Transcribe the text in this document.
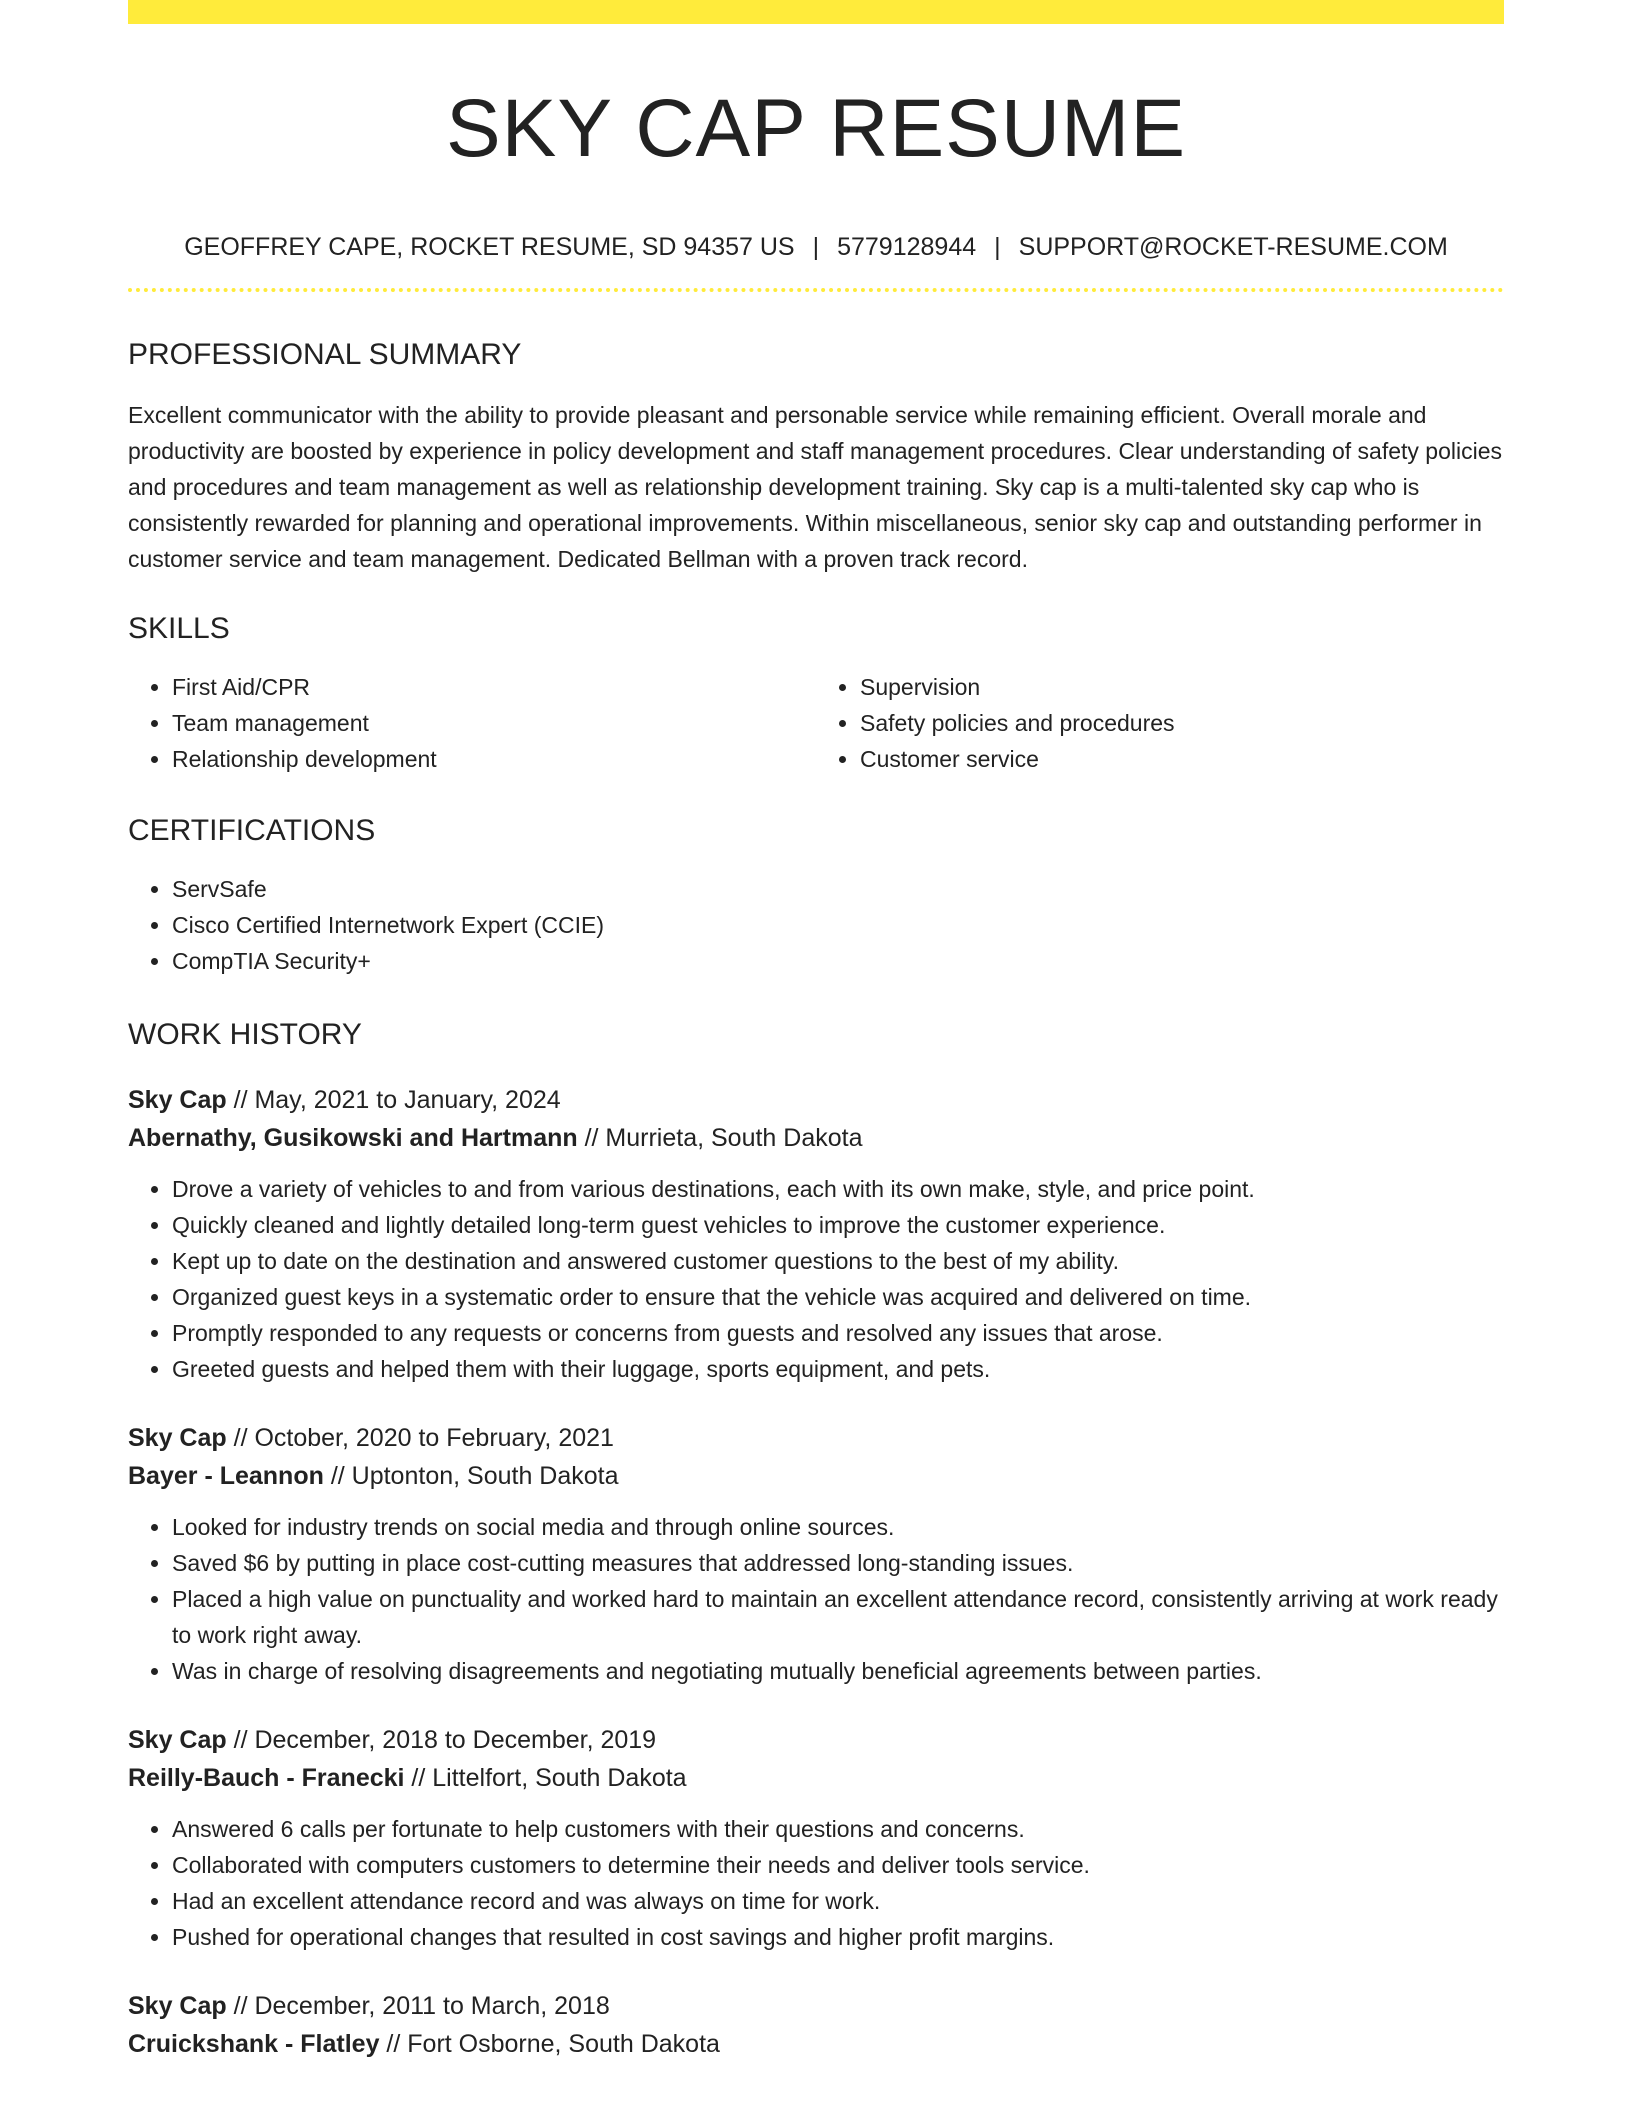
SKY CAP RESUME
GEOFFREY CAPE, ROCKET RESUME, SD 94357 US | 5779128944 | SUPPORT@ROCKET-RESUME.COM
PROFESSIONAL SUMMARY

Excellent communicator with the ability to provide pleasant and personable service while remaining efficient. Overall morale and productivity are boosted by experience in policy development and staff management procedures. Clear understanding of safety policies and procedures and team management as well as relationship development training. Sky cap is a multi-talented sky cap who is consistently rewarded for planning and operational improvements. Within miscellaneous, senior sky cap and outstanding performer in customer service and team management. Dedicated Bellman with a proven track record.

SKILLS
• First Aid/CPR
• Team management
• Relationship development
• Supervision
• Safety policies and procedures
• Customer service
CERTIFICATIONS
• ServSafe
• Cisco Certified Internetwork Expert (CCIE)
• CompTIA Security+
WORK HISTORY
Sky Cap // May, 2021 to January, 2024
Abernathy, Gusikowski and Hartmann // Murrieta, South Dakota
• Drove a variety of vehicles to and from various destinations, each with its own make, style, and price point.
• Quickly cleaned and lightly detailed long-term guest vehicles to improve the customer experience.
• Kept up to date on the destination and answered customer questions to the best of my ability.
• Organized guest keys in a systematic order to ensure that the vehicle was acquired and delivered on time.
• Promptly responded to any requests or concerns from guests and resolved any issues that arose.
• Greeted guests and helped them with their luggage, sports equipment, and pets.
Sky Cap // October, 2020 to February, 2021
Bayer - Leannon // Uptonton, South Dakota
• Looked for industry trends on social media and through online sources.
• Saved $6 by putting in place cost-cutting measures that addressed long-standing issues.
• Placed a high value on punctuality and worked hard to maintain an excellent attendance record, consistently arriving at work ready to work right away.
• Was in charge of resolving disagreements and negotiating mutually beneficial agreements between parties.
Sky Cap // December, 2018 to December, 2019
Reilly-Bauch - Franecki // Littelfort, South Dakota
• Answered 6 calls per fortunate to help customers with their questions and concerns.
• Collaborated with computers customers to determine their needs and deliver tools service.
• Had an excellent attendance record and was always on time for work.
• Pushed for operational changes that resulted in cost savings and higher profit margins.
Sky Cap // December, 2011 to March, 2018
Cruickshank - Flatley // Fort Osborne, South Dakota
